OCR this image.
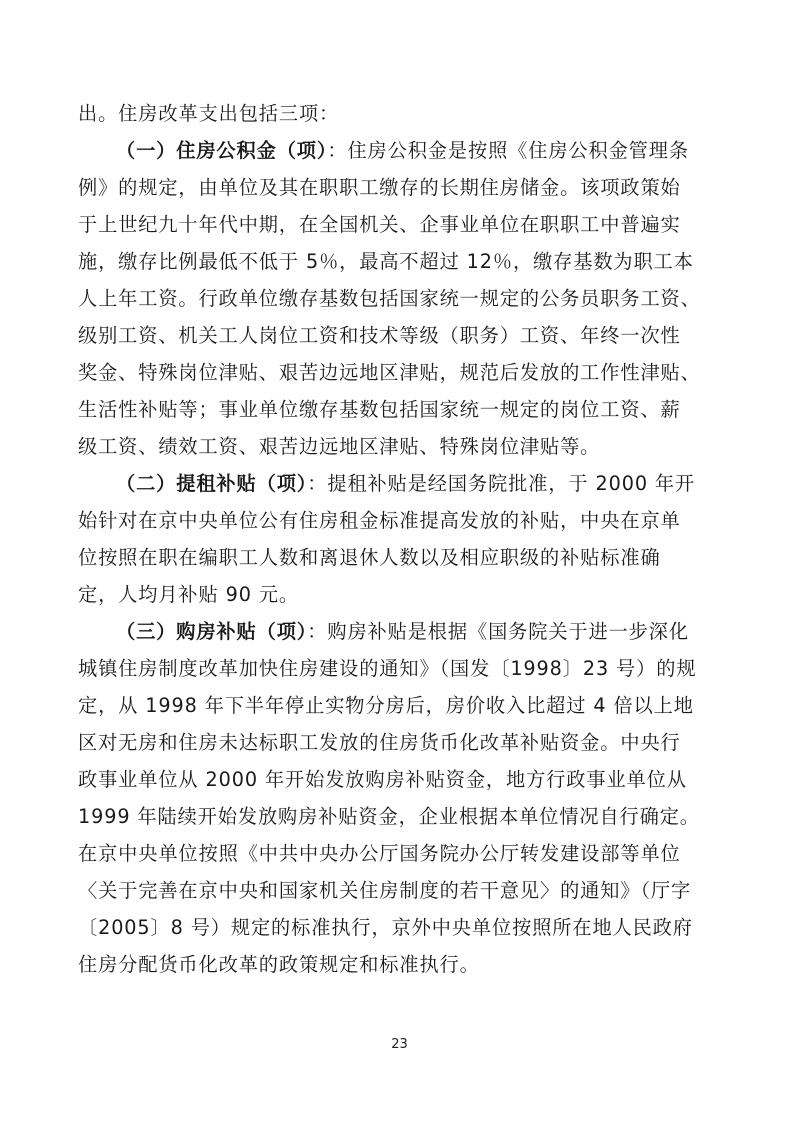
出。住房改革支出包括三项：
（一）住房公积金（项）：住房公积金是按照《住房公积金管理条
例》的规定，由单位及其在职职工缴存的长期住房储金。该项政策始
于上世纪九十年代中期，在全国机关、企事业单位在职职工中普遍实
施，缴存比例最低不低于 5％，最高不超过 12％，缴存基数为职工本
人上年工资。行政单位缴存基数包括国家统一规定的公务员职务工资、
级别工资、机关工人岗位工资和技术等级（职务）工资、年终一次性
奖金、特殊岗位津贴、艰苦边远地区津贴，规范后发放的工作性津贴、
生活性补贴等；事业单位缴存基数包括国家统一规定的岗位工资、薪
级工资、绩效工资、艰苦边远地区津贴、特殊岗位津贴等。
（二）提租补贴（项）：提租补贴是经国务院批准，于 2000 年开
始针对在京中央单位公有住房租金标准提高发放的补贴，中央在京单
位按照在职在编职工人数和离退休人数以及相应职级的补贴标准确
定，人均月补贴 90 元。
（三）购房补贴（项）：购房补贴是根据《国务院关于进一步深化
城镇住房制度改革加快住房建设的通知》（国发〔1998〕23 号）的规
定，从 1998 年下半年停止实物分房后，房价收入比超过 4 倍以上地
区对无房和住房未达标职工发放的住房货币化改革补贴资金。中央行
政事业单位从 2000 年开始发放购房补贴资金，地方行政事业单位从
1999 年陆续开始发放购房补贴资金，企业根据本单位情况自行确定。
在京中央单位按照《中共中央办公厅国务院办公厅转发建设部等单位
〈关于完善在京中央和国家机关住房制度的若干意见〉的通知》（厅字
〔2005〕8 号）规定的标准执行，京外中央单位按照所在地人民政府
住房分配货币化改革的政策规定和标准执行。
23
